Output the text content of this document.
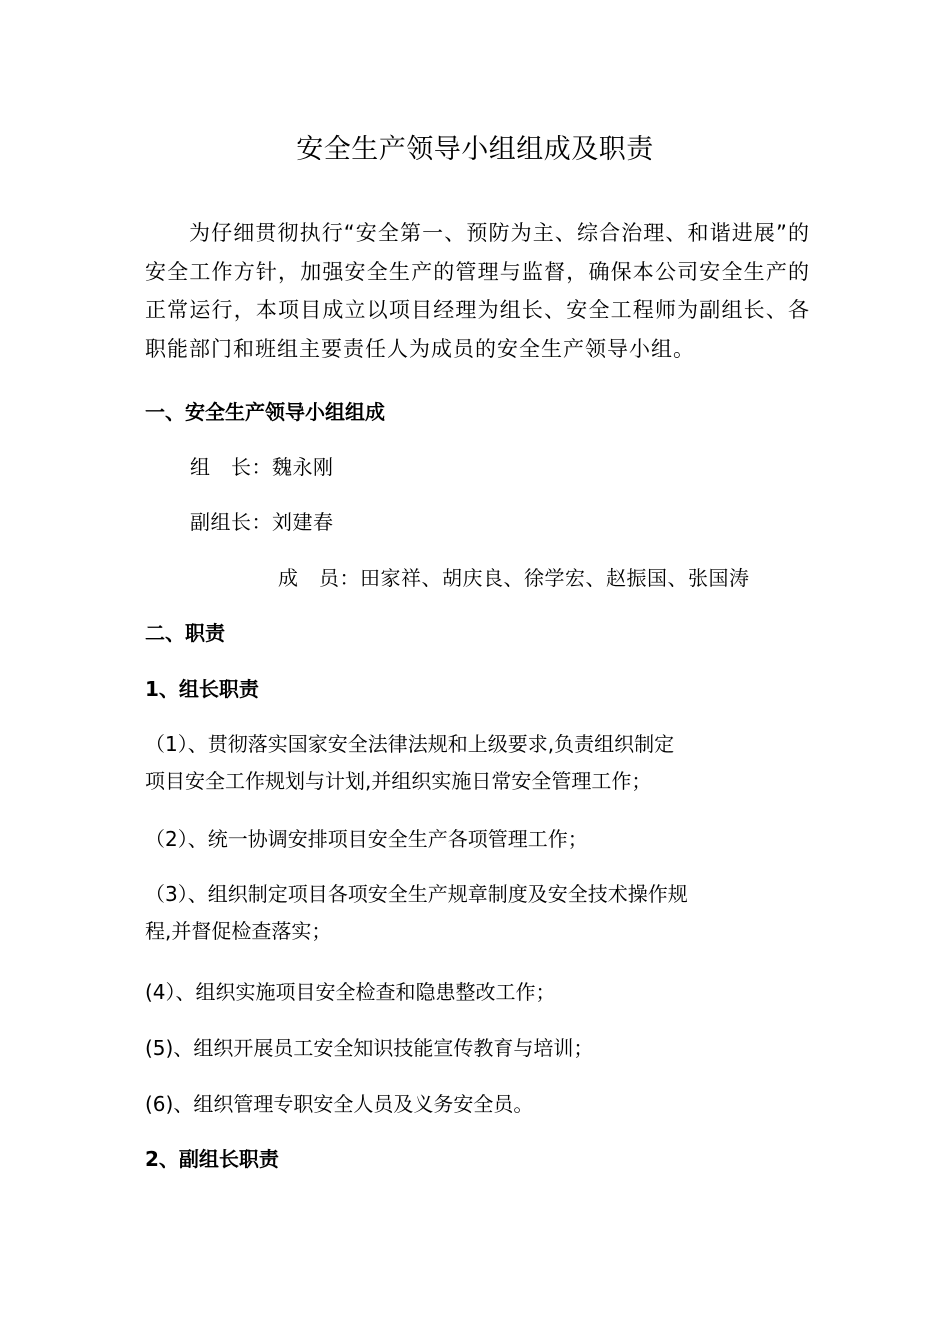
安全生产领导小组组成及职责

为仔细贯彻执行“安全第一、预防为主、综合治理、和谐进展”的安全工作方针，加强安全生产的管理与监督，确保本公司安全生产的正常运行，本项目成立以项目经理为组长、安全工程师为副组长、各职能部门和班组主要责任人为成员的安全生产领导小组。

一、安全生产领导小组组成
组　长：魏永刚
副组长：刘建春
成　员：田家祥、胡庆良、徐学宏、赵振国、张国涛
二、职责
1、组长职责
（1）、贯彻落实国家安全法律法规和上级要求,负责组织制定
项目安全工作规划与计划,并组织实施日常安全管理工作；
（2）、统一协调安排项目安全生产各项管理工作；
（3）、组织制定项目各项安全生产规章制度及安全技术操作规
程,并督促检查落实；
(4）、组织实施项目安全检查和隐患整改工作；
(5)、组织开展员工安全知识技能宣传教育与培训；
(6)、组织管理专职安全人员及义务安全员。
2、副组长职责
